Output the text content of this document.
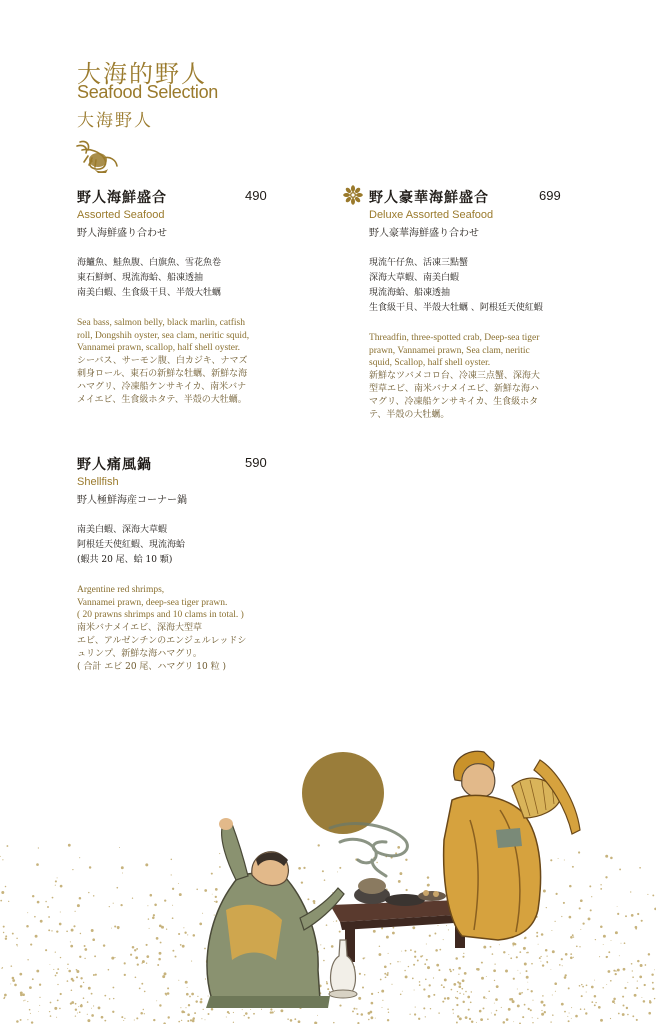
大海的野人
Seafood Selection
大海野人
野人海鮮盛合	490
Assorted Seafood
野人海鮮盛り合わせ
海鱸魚、鮭魚腹、白旗魚、雪花魚卷
東石鮮蚵、現流海蛤、船凍透抽
南美白蝦、生食級干貝、半殼大牡蠣
Sea bass, salmon belly, black marlin, catfish
roll, Dongshih oyster, sea clam, neritic squid,
Vannamei prawn, scallop, half shell oyster.
シーバス、サーモン腹、白カジキ、ナマズ
刺身ロール、東石の新鮮な牡蠣、新鮮な海
ハマグリ、冷凍船ケンサキイカ、南米バナ
メイエビ、生食級ホタテ、半殻の大牡蠣。
野人豪華海鮮盛合	699
Deluxe Assorted Seafood
野人豪華海鮮盛り合わせ
現流午仔魚、活凍三點蟹
深海大草蝦、南美白蝦
現流海蛤、船凍透抽
生食級干貝、半殼大牡蠣 、阿根廷天使紅蝦
Threadfin, three-spotted crab, Deep-sea tiger
prawn, Vannamei prawn, Sea clam, neritic
squid, Scallop, half shell oyster.
新鮮なツバメコロ台、冷凍三点蟹、深海大
型草エビ、南米バナメイエビ、新鮮な海ハ
マグリ、冷凍船ケンサキイカ、生食級ホタ
テ、半殻の大牡蠣。
野人痛風鍋	590
Shellfish
野人極鮮海産コーナー鍋
南美白蝦、深海大草蝦
阿根廷天使紅蝦、現流海蛤
(蝦共 20 尾、蛤 10 顆)
Argentine red shrimps,
Vannamei prawn, deep-sea tiger prawn.
( 20 prawns shrimps and 10 clams in total. )
南米バナメイエビ、深海大型草
エビ、アルゼンチンのエンジェルレッドシ
ュリンプ、新鮮な海ハマグリ。
( 合計 エビ 20 尾、ハマグリ 10 粒 )
